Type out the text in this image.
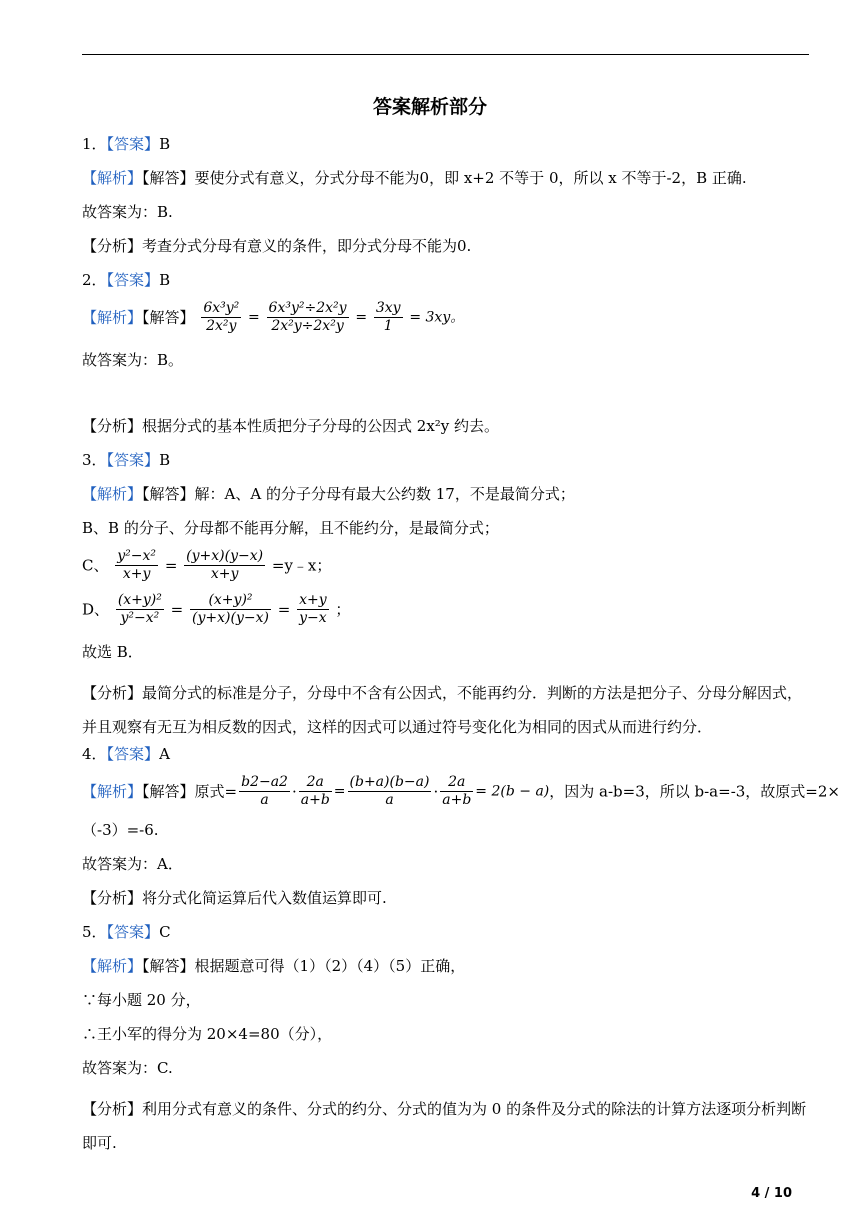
答案解析部分
1．【答案】B
【解析】【解答】要使分式有意义，分式分母不能为0，即 x+2 不等于 0，所以 x 不等于-2，B 正确.
故答案为：B.
【分析】考查分式分母有意义的条件，即分式分母不能为0.
2．【答案】B
【解析】【解答】 $\frac{\text{6x³y²}}{\text{2x²y}} = \frac{\text{6x³y²÷2x²y}}{\text{2x²y÷2x²y}} = \frac{3xy}{1} = 3xy$。
故答案为：B。
【分析】根据分式的基本性质把分子分母的公因式 2x²y 约去。
3．【答案】B
【解析】【解答】解：A、A 的分子分母有最大公约数 17，不是最简分式；
B、B 的分子、分母都不能再分解，且不能约分，是最简分式；
C、 $\frac{\text{y²−x²}}{x+y} = \frac{(y+x)(y-x)}{x+y}$ =y﹣x；
D、 $\frac{\text{(x+y)²}}{\text{y²−x²}} = \frac{\text{(x+y)²}}{(y+x)(y-x)} = \frac{x+y}{y-x}$ ；
故选 B．
【分析】最简分式的标准是分子，分母中不含有公因式，不能再约分．判断的方法是把分子、分母分解因式，并且观察有无互为相反数的因式，这样的因式可以通过符号变化化为相同的因式从而进行约分．
4．【答案】A
【解析】【解答】原式= $\frac{b2-a2}{a} \cdot \frac{2a}{a+b} = \frac{(b+a)(b-a)}{a} \cdot \frac{2a}{a+b} = 2(b - a)$，因为 a-b=3，所以 b-a=-3，故原式=2×
（-3）=-6.
故答案为：A．
【分析】将分式化简运算后代入数值运算即可.
5．【答案】C
【解析】【解答】根据题意可得（1）（2）（4）（5）正确，
∵每小题 20 分，
∴王小军的得分为 20×4=80（分），
故答案为：C.
【分析】利用分式有意义的条件、分式的约分、分式的值为为 0 的条件及分式的除法的计算方法逐项分析判断即可.
4 / 10
